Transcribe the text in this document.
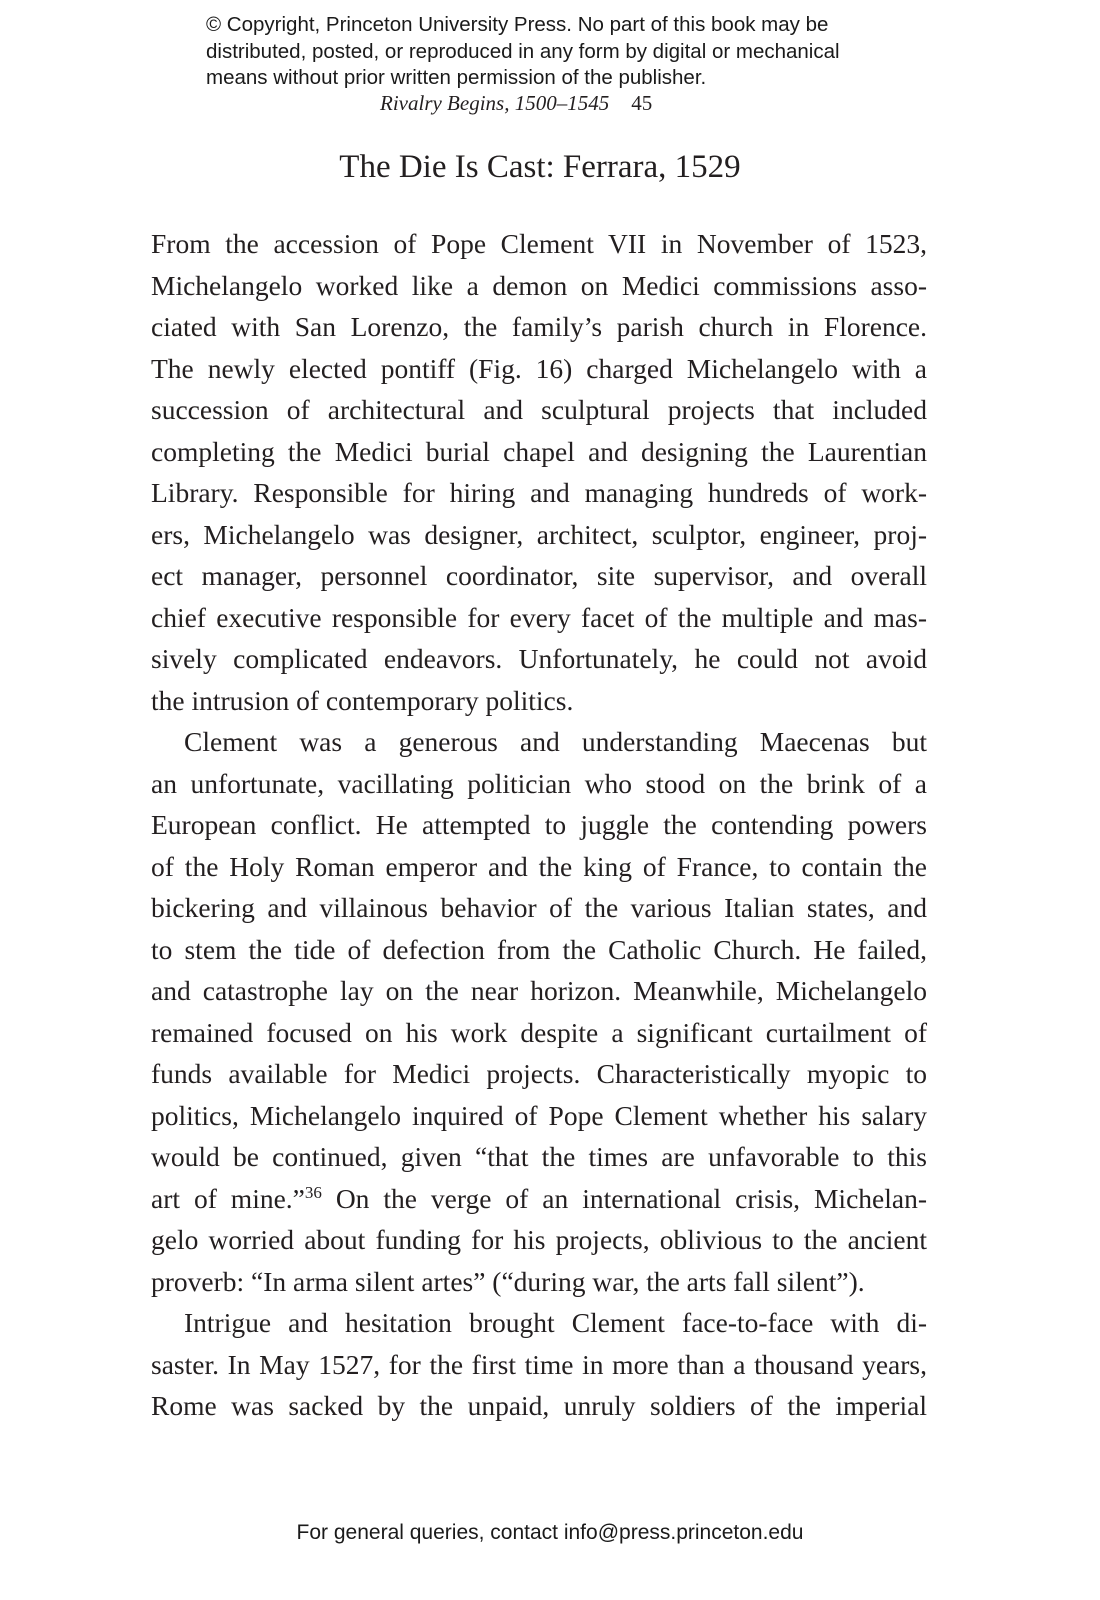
© Copyright, Princeton University Press. No part of this book may be
distributed, posted, or reproduced in any form by digital or mechanical
means without prior written permission of the publisher.
Rivalry Begins, 1500–1545 45
The Die Is Cast: Ferrara, 1529
From the accession of Pope Clement VII in November of 1523,
Michelangelo worked like a demon on Medici commissions asso-
ciated with San Lorenzo, the family’s parish church in Florence.
The newly elected pontiff (Fig. 16) charged Michelangelo with a
succession of architectural and sculptural projects that included
completing the Medici burial chapel and designing the Laurentian
Library. Responsible for hiring and managing hundreds of work-
ers, Michelangelo was designer, architect, sculptor, engineer, proj-
ect manager, personnel coordinator, site supervisor, and overall
chief executive responsible for every facet of the multiple and mas-
sively complicated endeavors. Unfortunately, he could not avoid
the intrusion of contemporary politics.
Clement was a generous and understanding Maecenas but
an unfortunate, vacillating politician who stood on the brink of a
European conflict. He attempted to juggle the contending powers
of the Holy Roman emperor and the king of France, to contain the
bickering and villainous behavior of the various Italian states, and
to stem the tide of defection from the Catholic Church. He failed,
and catastrophe lay on the near horizon. Meanwhile, Michelangelo
remained focused on his work despite a significant curtailment of
funds available for Medici projects. Characteristically myopic to
politics, Michelangelo inquired of Pope Clement whether his salary
would be continued, given “that the times are unfavorable to this
art of mine.”$^{36}$ On the verge of an international crisis, Michelan-
gelo worried about funding for his projects, oblivious to the ancient
proverb: “In arma silent artes” (“during war, the arts fall silent”).
Intrigue and hesitation brought Clement face-to-face with di-
saster. In May 1527, for the first time in more than a thousand years,
Rome was sacked by the unpaid, unruly soldiers of the imperial
For general queries, contact info@press.princeton.edu
